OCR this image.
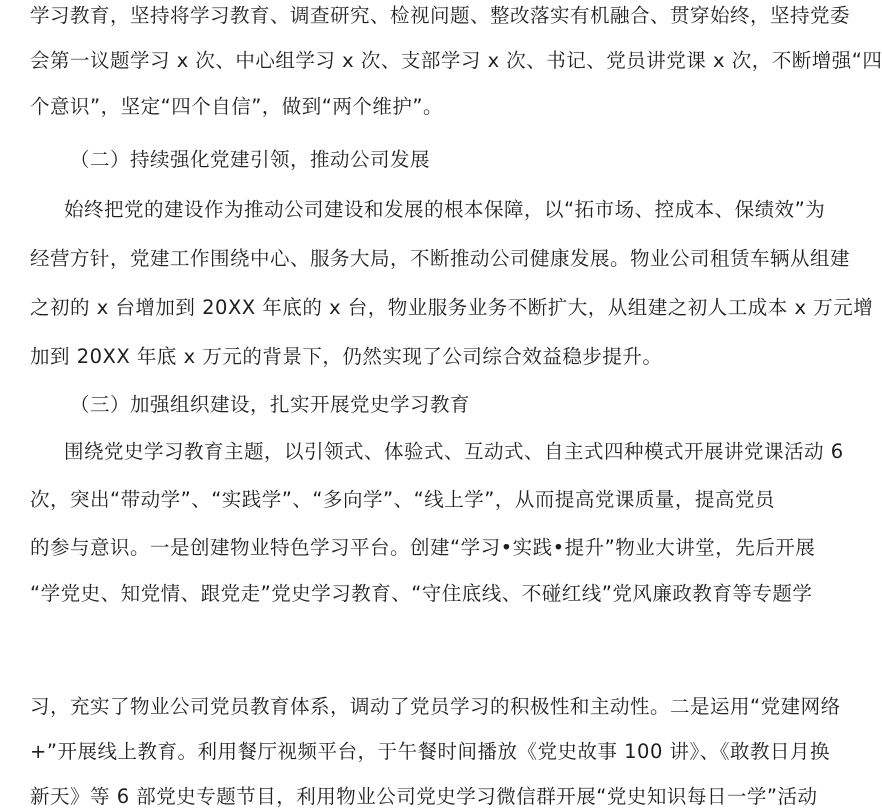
学习教育，坚持将学习教育、调查研究、检视问题、整改落实有机融合、贯穿始终，坚持党委
会第一议题学习 x 次、中心组学习 x 次、支部学习 x 次、书记、党员讲党课 x 次，不断增强“四
个意识”，坚定“四个自信”，做到“两个维护”。
（二）持续强化党建引领，推动公司发展
始终把党的建设作为推动公司建设和发展的根本保障，以“拓市场、控成本、保绩效”为
经营方针，党建工作围绕中心、服务大局，不断推动公司健康发展。物业公司租赁车辆从组建
之初的 x 台增加到 20XX 年底的 x 台，物业服务业务不断扩大，从组建之初人工成本 x 万元增
加到 20XX 年底 x 万元的背景下，仍然实现了公司综合效益稳步提升。
（三）加强组织建设，扎实开展党史学习教育
围绕党史学习教育主题，以引领式、体验式、互动式、自主式四种模式开展讲党课活动 6
次，突出“带动学”、“实践学”、“多向学”、“线上学”，从而提高党课质量，提高党员
的参与意识。一是创建物业特色学习平台。创建“学习•实践•提升”物业大讲堂，先后开展
“学党史、知党情、跟党走”党史学习教育、“守住底线、不碰红线”党风廉政教育等专题学
习，充实了物业公司党员教育体系，调动了党员学习的积极性和主动性。二是运用“党建网络
+”开展线上教育。利用餐厅视频平台，于午餐时间播放《党史故事 100 讲》、《敢教日月换
新天》等 6 部党史专题节目，利用物业公司党史学习微信群开展“党史知识每日一学”活动
